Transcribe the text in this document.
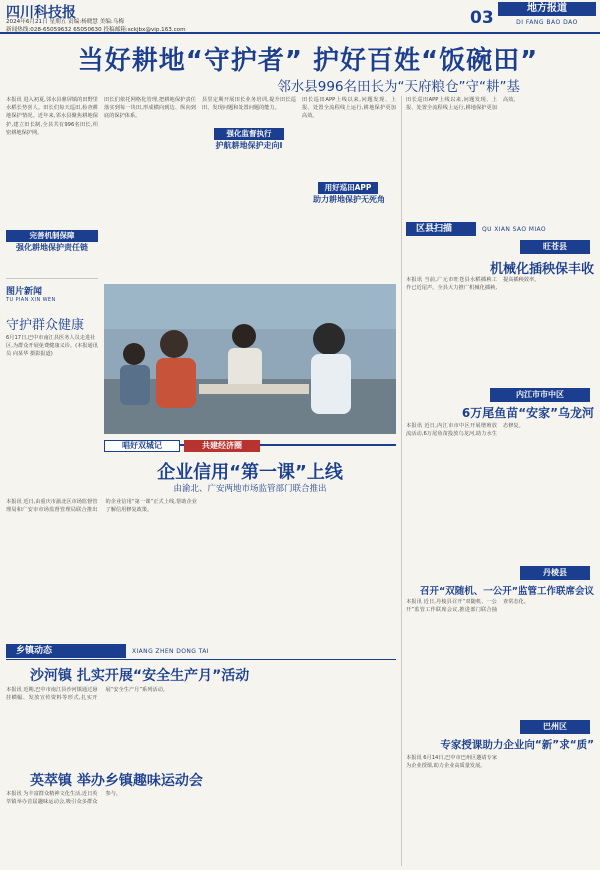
四川科技报
2024年6月21日 星期五 责编:杨晓慧 美编:乌梅
新闻热线:028-65059632 65050630 投稿邮箱:sckjbx@vip.163.com
03	地方报道
DI FANG BAO DAO
当好耕地“守护者” 护好百姓“饭碗田”
邻水县996名田长为“天府粮仓”守“耕”基
本报讯 进入初夏,邻水县鼎屏镇的田野里水稻长势喜人。田长们每天巡田,检查耕地保护情况。近年来,邻水县聚焦耕地保护,建立田长制,全县共有996名田长,织密耕地保护网。
完善机制保障
强化耕地保护责任链
田长们依托网格化管理,把耕地保护责任落实到每一块田,形成横向到边、纵向到底的保护体系。
县里定期开展田长业务培训,提升田长巡田、发现问题和处置问题的能力。
强化监督执行
护航耕地保护走向I
田长巡田APP上线以来,问题发现、上报、处置全流程线上运行,耕地保护更加高效。
用好巡田APP
助力耕地保护无死角
图片新闻
TU PIAN XIN WEN
守护群众健康
6月17日,巴中市南江县医务人员走进社区,为群众开展免费健康义诊。(本报通讯员 向某华 摄影报道)
唱好双城记	共建经济圈
企业信用“第一课”上线
由渝北、广安两地市场监管部门联合推出
本报讯 近日,由重庆市渝北区市场监督管理局和广安市市场监督管理局联合推出的企业信用“第一课”正式上线,帮助企业了解信用修复政策。
乡镇动态	XIANG ZHEN DONG TAI
沙河镇 扎实开展“安全生产月”活动
本报讯 近期,巴中市南江县沙河镇通过悬挂横幅、发放宣传资料等形式,扎实开展“安全生产月”系列活动。
英萃镇 举办乡镇趣味运动会
本报讯 为丰富群众精神文化生活,近日英萃镇举办首届趣味运动会,吸引众多群众参与。
田长巡田APP上线以来,问题发现、上报、处置全流程线上运行,耕地保护更加高效。
区县扫描	QU XIAN SAO MIAO
旺苍县
机械化插秧保丰收
本报讯 当前,广元市旺苍县水稻插秧工作已近尾声。全县大力推广机械化插秧,提高插秧效率。
内江市市中区
6万尾鱼苗“安家”乌龙河
本报讯 近日,内江市市中区开展增殖放流活动,6万尾鱼苗投放乌龙河,助力水生态修复。
丹棱县
召开“双随机、一公开”监管工作联席会议
本报讯 近日,丹棱县召开“双随机、一公开”监管工作联席会议,推进部门联合抽查常态化。
巴州区
专家授课助力企业向“新”求“质”
本报讯 6月14日,巴中市巴州区邀请专家为企业授课,助力企业高质量发展。
